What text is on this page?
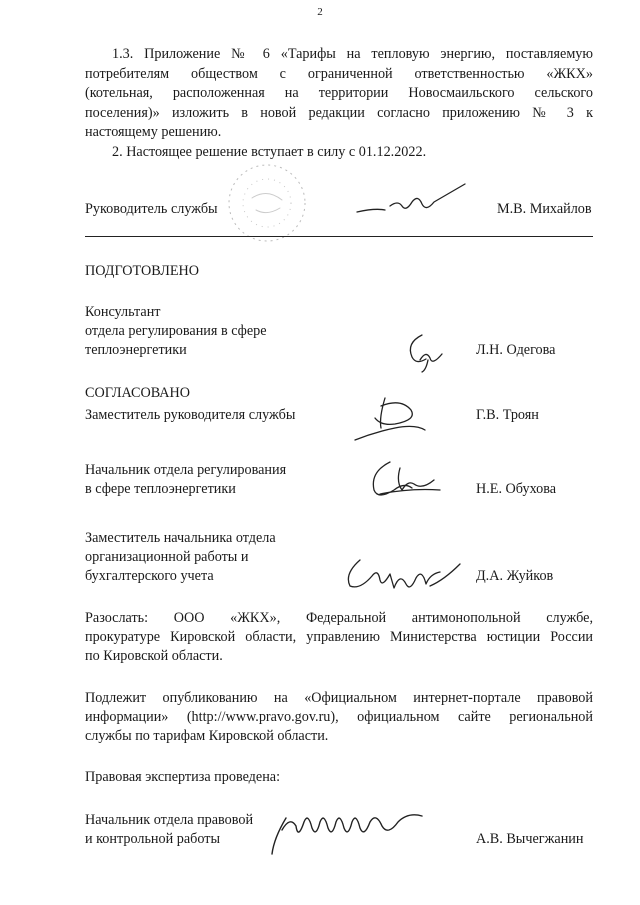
2
1.3. Приложение № 6 «Тарифы на тепловую энергию, поставляемую
потребителям обществом с ограниченной ответственностью «ЖКХ»
(котельная, расположенная на территории Новосмаильского сельского
поселения)» изложить в новой редакции согласно приложению № 3 к
настоящему решению.
2. Настоящее решение вступает в силу с 01.12.2022.
Руководитель службы	М.В. Михайлов
ПОДГОТОВЛЕНО
Консультант
отдела регулирования в сфере
теплоэнергетики	Л.Н. Одегова
СОГЛАСОВАНО
Заместитель руководителя службы	Г.В. Троян
Начальник отдела регулирования
в сфере теплоэнергетики	Н.Е. Обухова
Заместитель начальника отдела
организационной работы и
бухгалтерского учета	Д.А. Жуйков
Разослать: ООО «ЖКХ», Федеральной антимонопольной службе,
прокуратуре Кировской области, управлению Министерства юстиции России
по Кировской области.
Подлежит опубликованию на «Официальном интернет-портале правовой
информации» (http://www.pravo.gov.ru), официальном сайте региональной
службы по тарифам Кировской области.
Правовая экспертиза проведена:
Начальник отдела правовой
и контрольной работы	А.В. Вычегжанин
